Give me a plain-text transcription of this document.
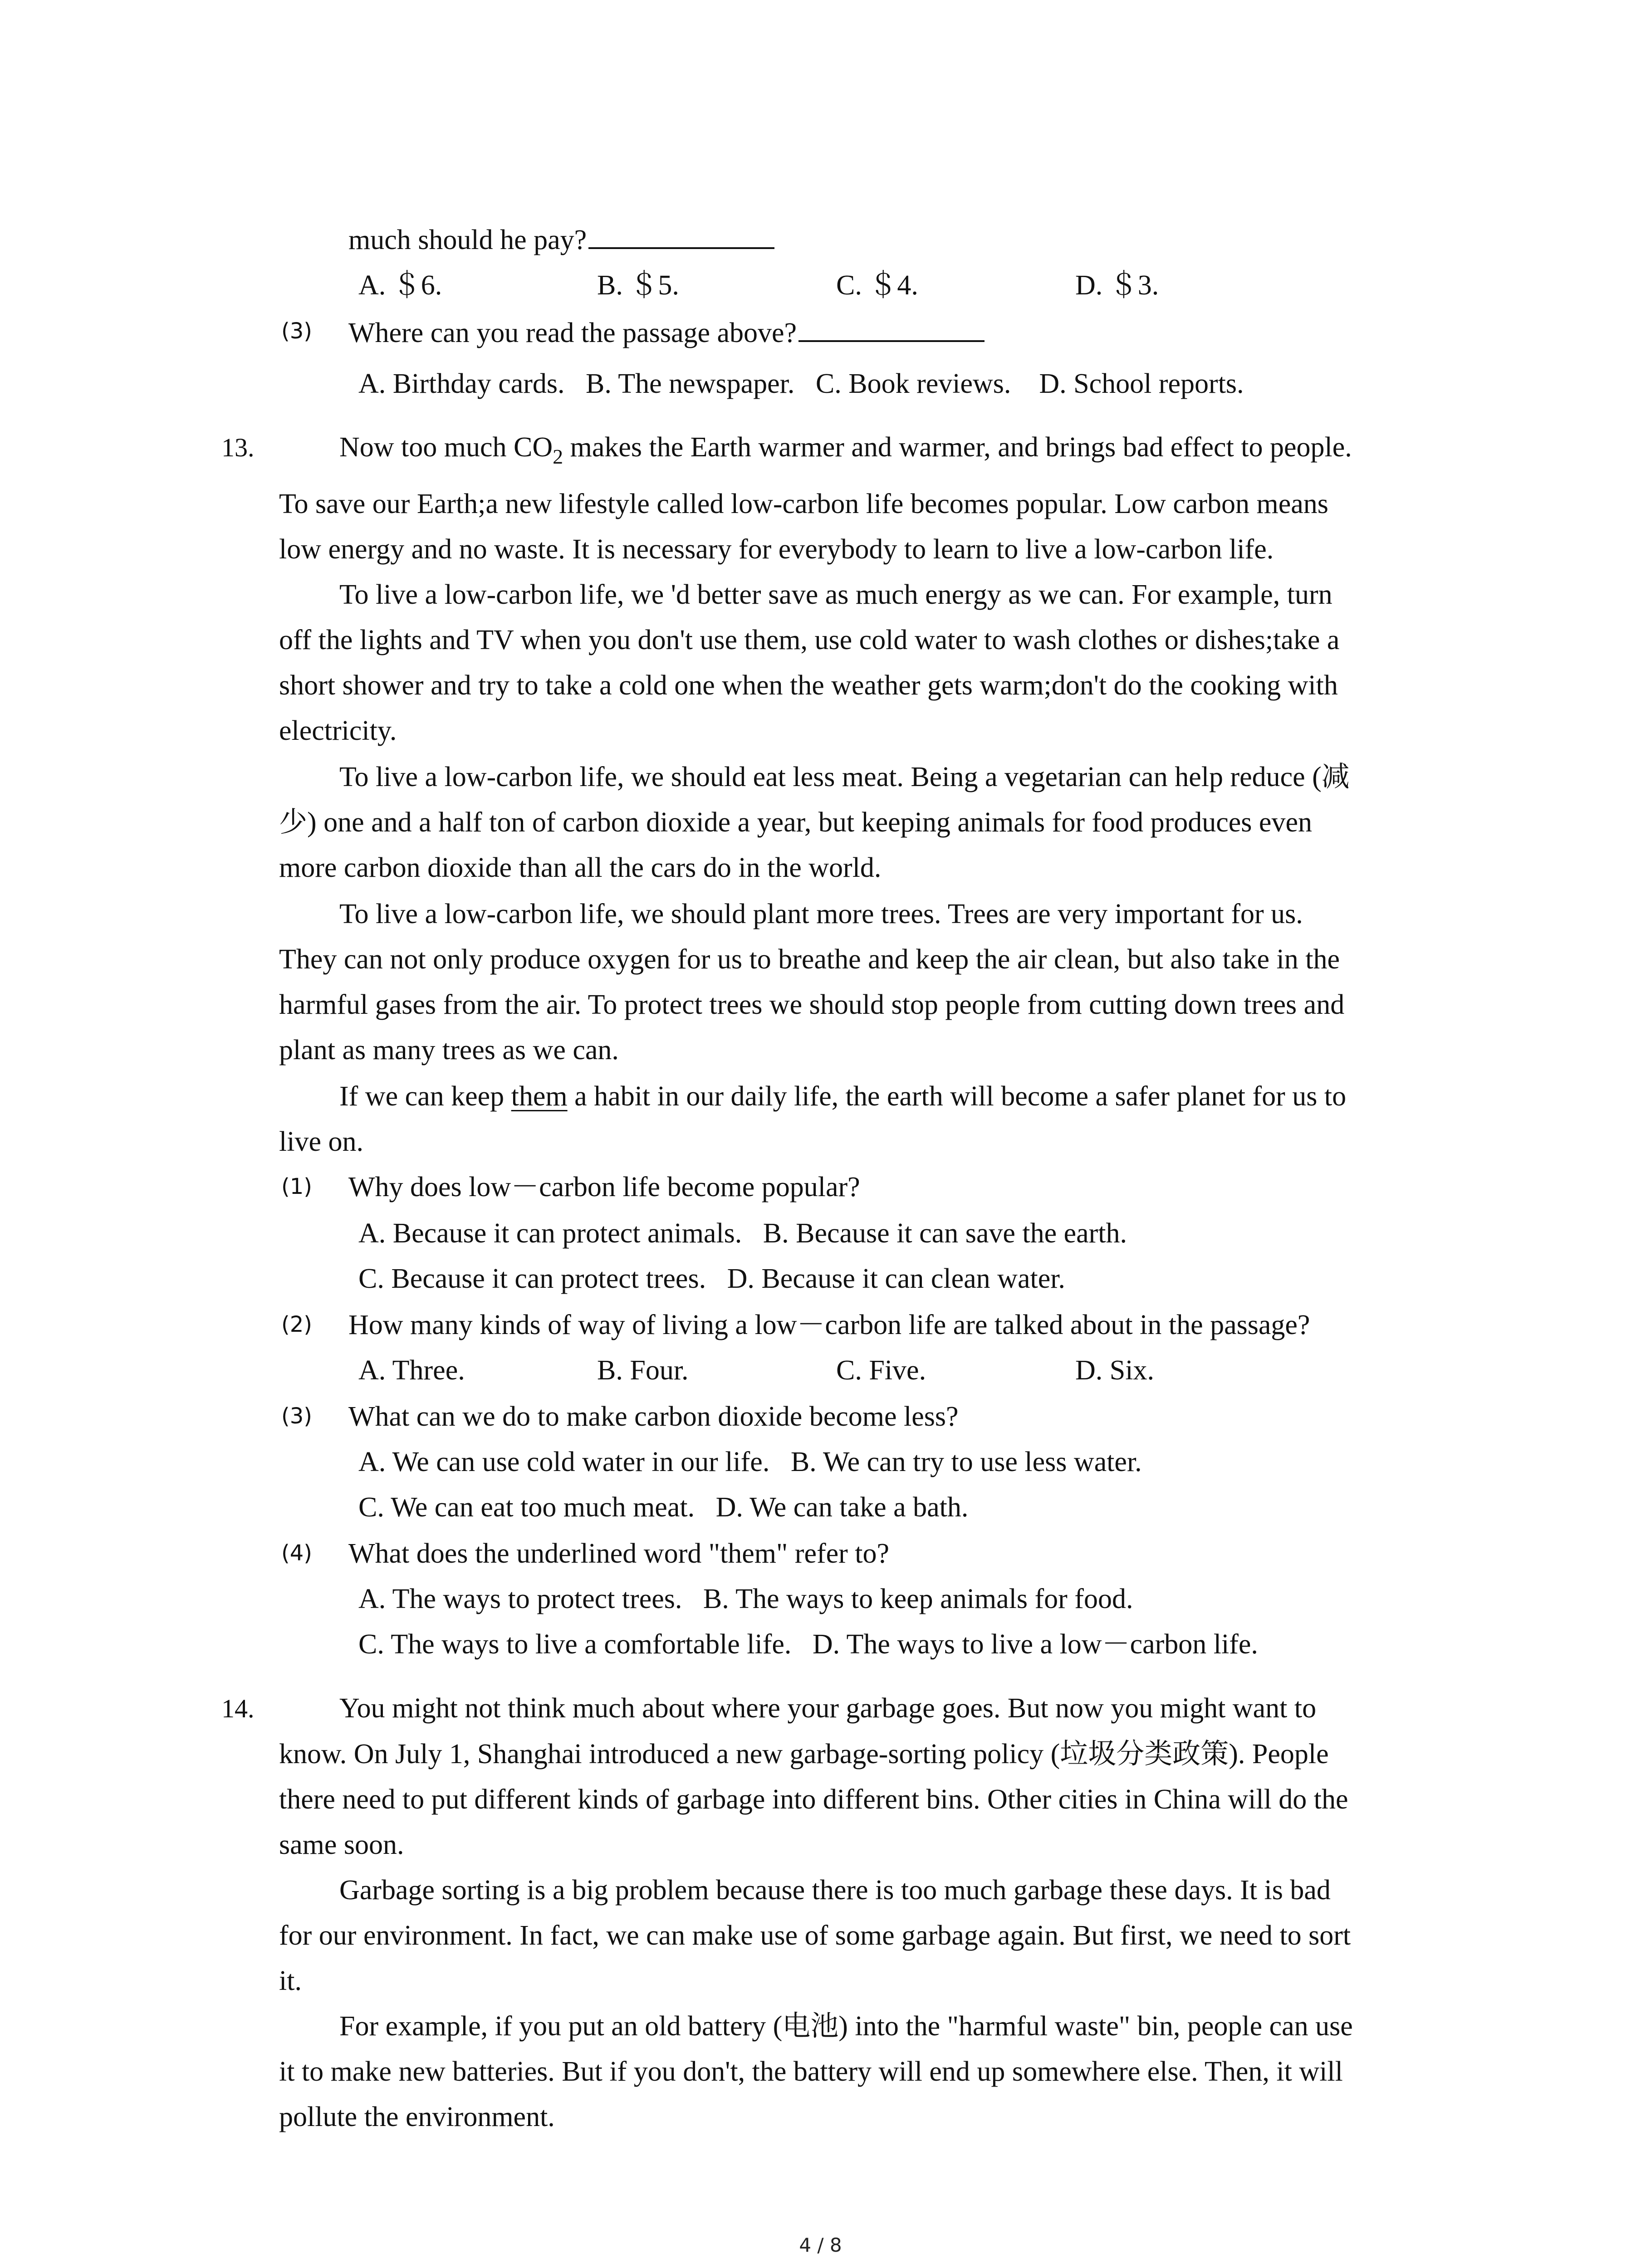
much should he pay?
A. ＄6.	B. ＄5.	C. ＄4.	D. ＄3.
(3) Where can you read the passage above?
A. Birthday cards.   B. The newspaper.   C. Book reviews.    D. School reports.
13.	Now too much $CO_2$ makes the Earth warmer and warmer, and brings bad effect to people.
To save our Earth;a new lifestyle called low-carbon life becomes popular. Low carbon means
low energy and no waste. It is necessary for everybody to learn to live a low-carbon life.
To live a low-carbon life, we 'd better save as much energy as we can. For example, turn
off the lights and TV when you don't use them, use cold water to wash clothes or dishes;take a
short shower and try to take a cold one when the weather gets warm;don't do the cooking with
electricity.
To live a low-carbon life, we should eat less meat. Being a vegetarian can help reduce (减
少) one and a half ton of carbon dioxide a year, but keeping animals for food produces even
more carbon dioxide than all the cars do in the world.
To live a low-carbon life, we should plant more trees. Trees are very important for us.
They can not only produce oxygen for us to breathe and keep the air clean, but also take in the
harmful gases from the air. To protect trees we should stop people from cutting down trees and
plant as many trees as we can.
If we can keep them a habit in our daily life, the earth will become a safer planet for us to
live on.
(1) Why does low－carbon life become popular?
A. Because it can protect animals.   B. Because it can save the earth.
C. Because it can protect trees.   D. Because it can clean water.
(2) How many kinds of way of living a low－carbon life are talked about in the passage?
A. Three.	B. Four.	C. Five.	D. Six.
(3) What can we do to make carbon dioxide become less?
A. We can use cold water in our life.   B. We can try to use less water.
C. We can eat too much meat.   D. We can take a bath.
(4) What does the underlined word "them" refer to?
A. The ways to protect trees.   B. The ways to keep animals for food.
C. The ways to live a comfortable life.   D. The ways to live a low－carbon life.
14.	You might not think much about where your garbage goes. But now you might want to
know. On July 1, Shanghai introduced a new garbage-sorting policy (垃圾分类政策). People
there need to put different kinds of garbage into different bins. Other cities in China will do the
same soon.
Garbage sorting is a big problem because there is too much garbage these days. It is bad
for our environment. In fact, we can make use of some garbage again. But first, we need to sort
it.
For example, if you put an old battery (电池) into the "harmful waste" bin, people can use
it to make new batteries. But if you don't, the battery will end up somewhere else. Then, it will
pollute the environment.
4 / 8
